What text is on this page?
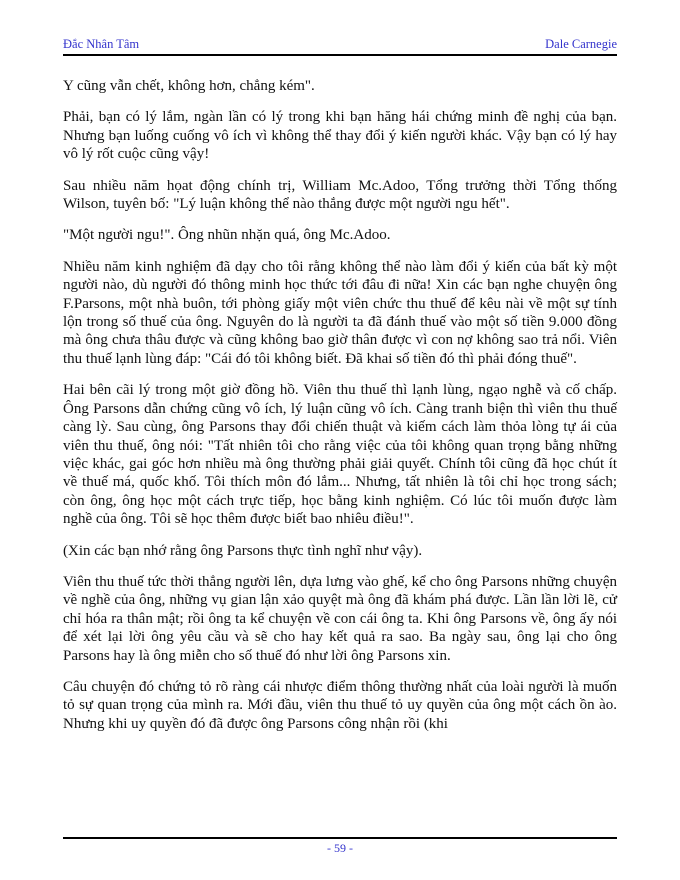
Đắc Nhân Tâm	Dale Carnegie

Y cũng vẫn chết, không hơn, chẳng kém".

Phải, bạn có lý lắm, ngàn lần có lý trong khi bạn hăng hái chứng minh đề nghị của bạn. Nhưng bạn luống cuống vô ích vì không thể thay đổi ý kiến người khác. Vậy bạn có lý hay vô lý rốt cuộc cũng vậy!

Sau nhiều năm họat động chính trị, William Mc.Adoo, Tổng trưởng thời Tổng thống Wilson, tuyên bố: "Lý luận không thể nào thắng được một người ngu hết".

"Một người ngu!". Ông nhũn nhặn quá, ông Mc.Adoo.

Nhiều năm kinh nghiệm đã dạy cho tôi rằng không thể nào làm đổi ý kiến của bất kỳ một người nào, dù người đó thông minh học thức tới đâu đi nữa! Xin các bạn nghe chuyện ông F.Parsons, một nhà buôn, tới phòng giấy một viên chức thu thuế để kêu nài về một sự tính lộn trong số thuế của ông. Nguyên do là người ta đã đánh thuế vào một số tiền 9.000 đồng mà ông chưa thâu được và cũng không bao giờ thân được vì con nợ không sao trả nổi. Viên thu thuế lạnh lùng đáp: "Cái đó tôi không biết. Đã khai số tiền đó thì phải đóng thuế".

Hai bên cãi lý trong một giờ đồng hồ. Viên thu thuế thì lạnh lùng, ngạo nghễ và cố chấp. Ông Parsons dẫn chứng cũng vô ích, lý luận cũng vô ích. Càng tranh biện thì viên thu thuế càng lỳ. Sau cùng, ông Parsons thay đổi chiến thuật và kiếm cách làm thỏa lòng tự ái của viên thu thuế, ông nói: "Tất nhiên tôi cho rằng việc của tôi không quan trọng bằng những việc khác, gai góc hơn nhiều mà ông thường phải giải quyết. Chính tôi cũng đã học chút ít về thuế má, quốc khố. Tôi thích môn đó lắm... Nhưng, tất nhiên là tôi chỉ học trong sách; còn ông, ông học một cách trực tiếp, học bằng kinh nghiệm. Có lúc tôi muốn được làm nghề của ông. Tôi sẽ học thêm được biết bao nhiêu điều!".

(Xin các bạn nhớ rằng ông Parsons thực tình nghĩ như vậy).

Viên thu thuế tức thời thẳng người lên, dựa lưng vào ghế, kể cho ông Parsons những chuyện về nghề của ông, những vụ gian lận xảo quyệt mà ông đã khám phá được. Lần lần lời lẽ, cử chỉ hóa ra thân mật; rồi ông ta kể chuyện về con cái ông ta. Khi ông Parsons về, ông ấy nói để xét lại lời ông yêu cầu và sẽ cho hay kết quả ra sao. Ba ngày sau, ông lại cho ông Parsons hay là ông miễn cho số thuế đó như lời ông Parsons xin.

Câu chuyện đó chứng tỏ rõ ràng cái nhược điểm thông thường nhất của loài người là muốn tỏ sự quan trọng của mình ra. Mới đầu, viên thu thuế tỏ uy quyền của ông một cách ồn ào. Nhưng khi uy quyền đó đã được ông Parsons công nhận rồi (khi

- 59 -
